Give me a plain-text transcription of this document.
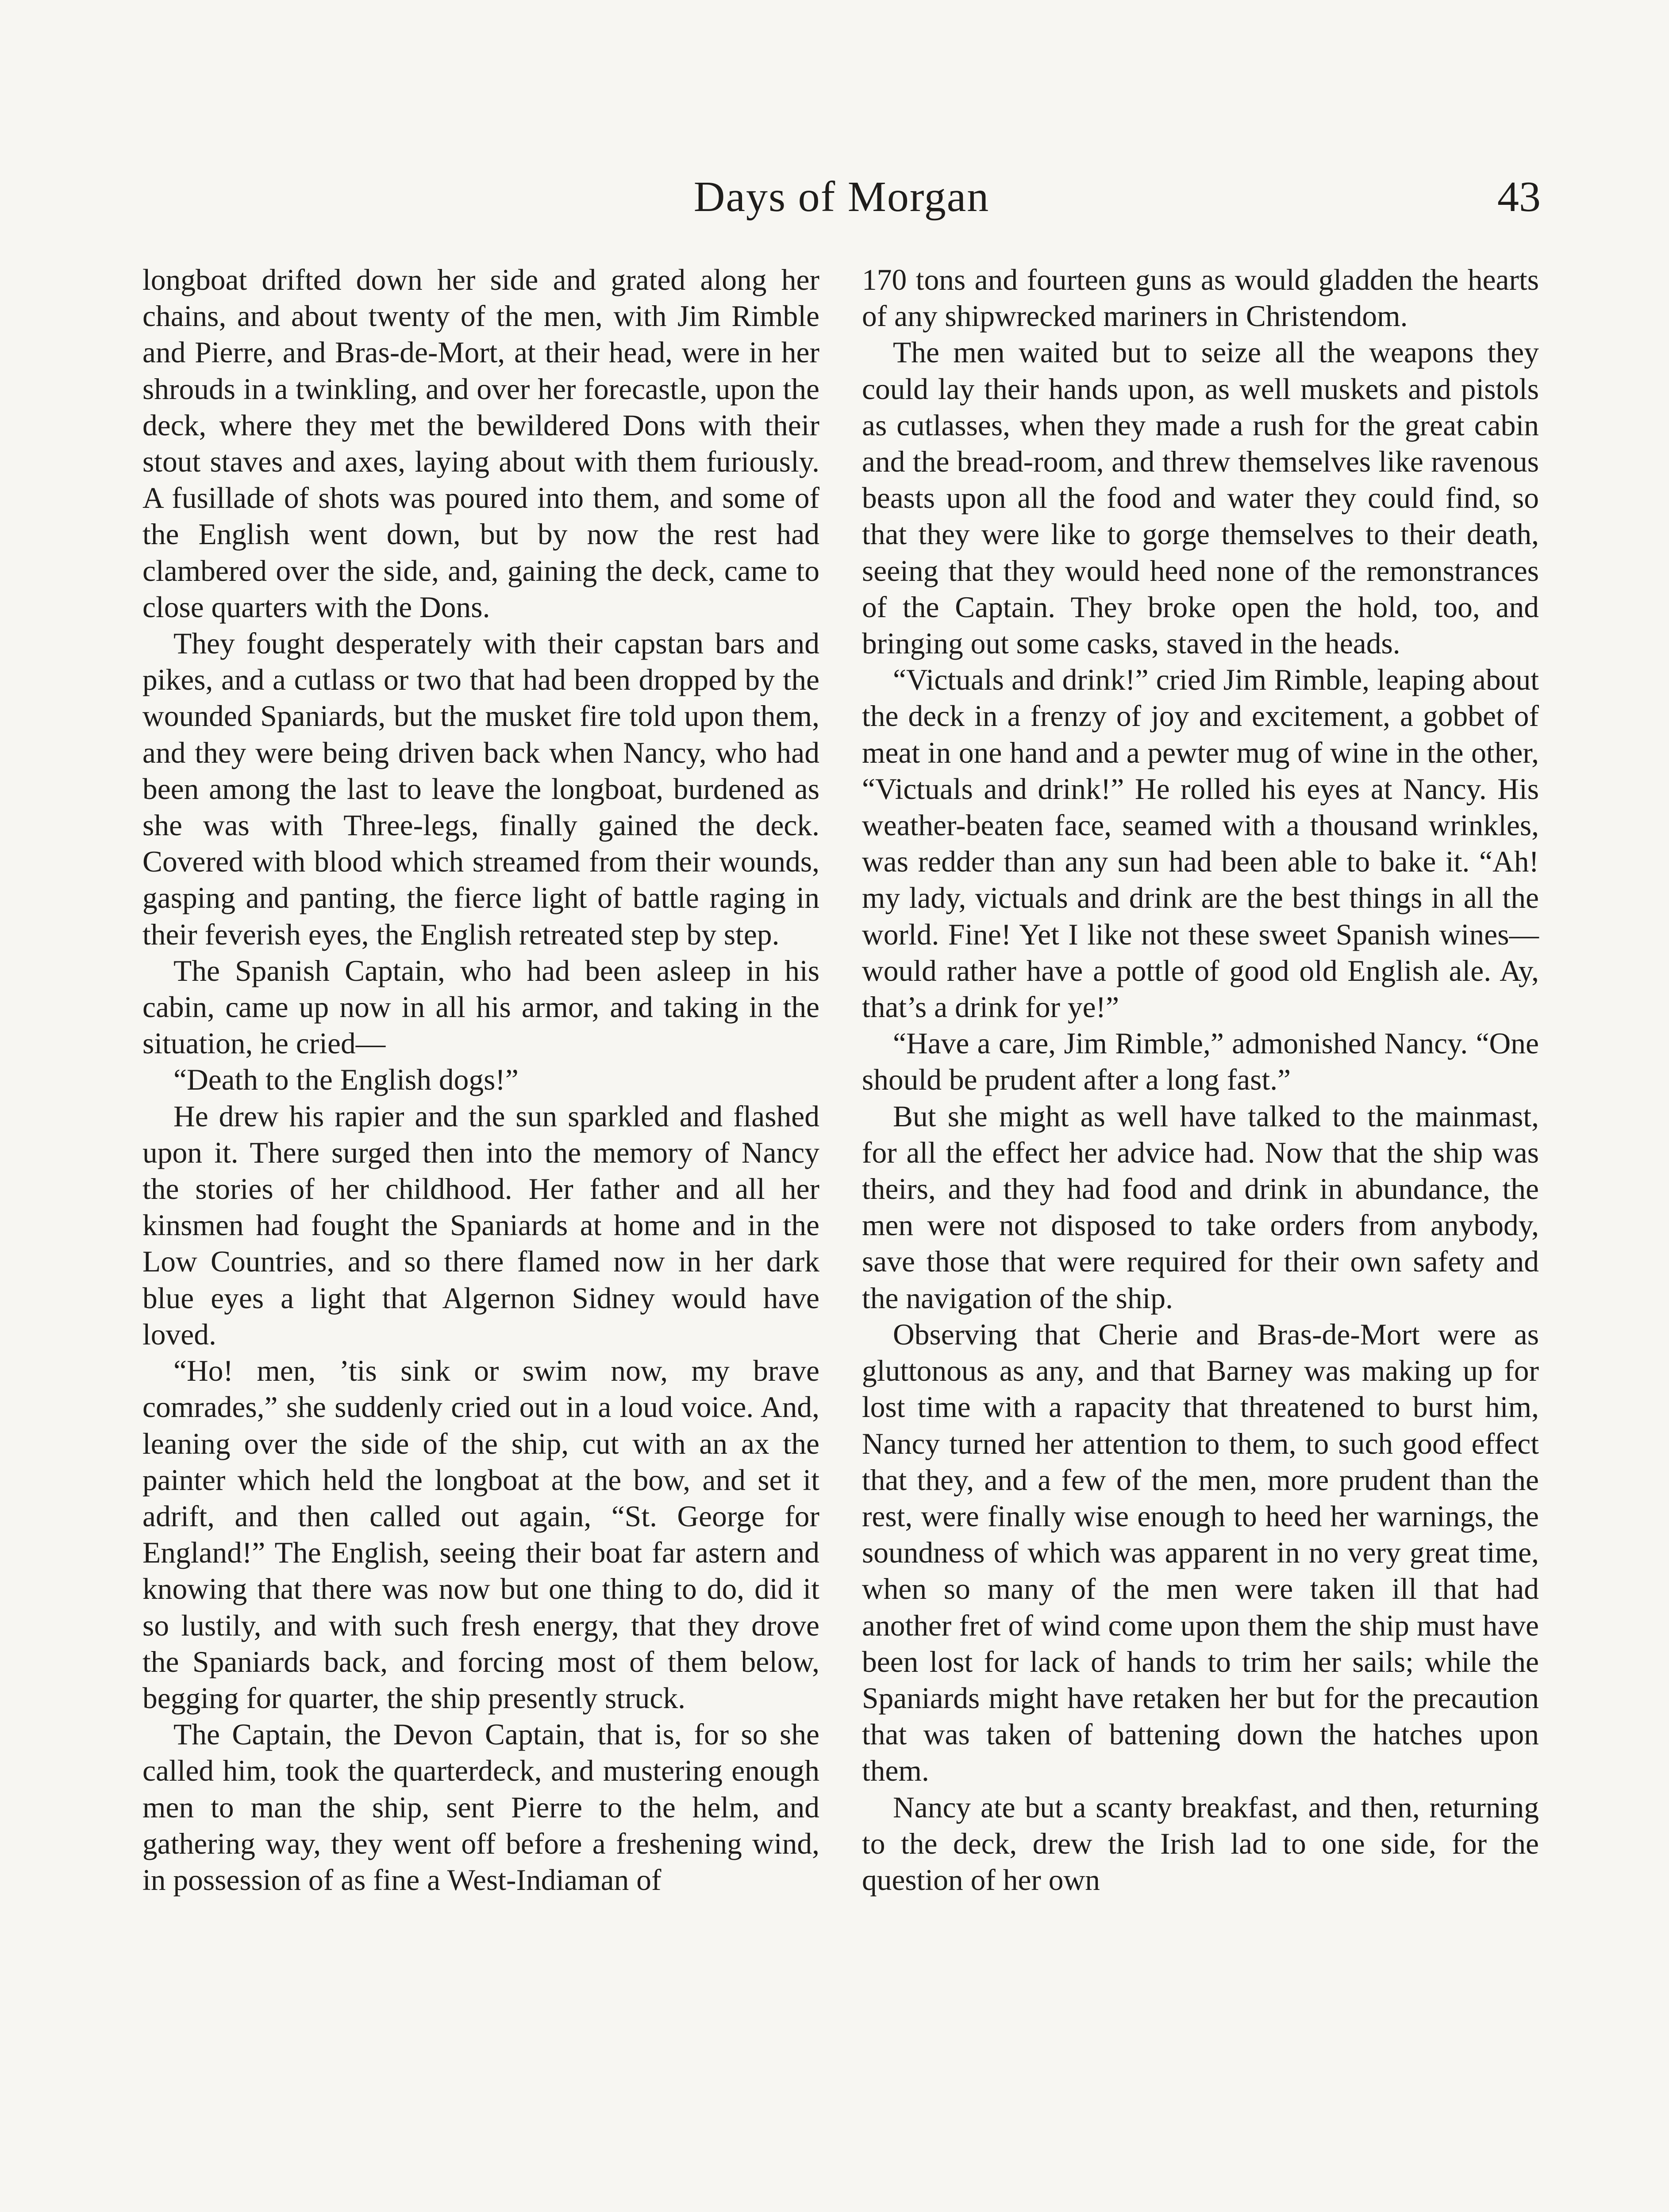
Days of Morgan	43

longboat drifted down her side and grated along her chains, and about twenty of the men, with Jim Rimble and Pierre, and Bras-de-Mort, at their head, were in her shrouds in a twinkling, and over her forecastle, upon the deck, where they met the bewildered Dons with their stout staves and axes, laying about with them furiously. A fusillade of shots was poured into them, and some of the English went down, but by now the rest had clambered over the side, and, gaining the deck, came to close quarters with the Dons.

They fought desperately with their capstan bars and pikes, and a cutlass or two that had been dropped by the wounded Spaniards, but the musket fire told upon them, and they were being driven back when Nancy, who had been among the last to leave the longboat, burdened as she was with Three-legs, finally gained the deck. Covered with blood which streamed from their wounds, gasping and panting, the fierce light of battle raging in their feverish eyes, the English retreated step by step.

The Spanish Captain, who had been asleep in his cabin, came up now in all his armor, and taking in the situation, he cried—

“Death to the English dogs!”

He drew his rapier and the sun sparkled and flashed upon it. There surged then into the memory of Nancy the stories of her childhood. Her father and all her kinsmen had fought the Spaniards at home and in the Low Countries, and so there flamed now in her dark blue eyes a light that Algernon Sidney would have loved.

“Ho! men, ’tis sink or swim now, my brave comrades,” she suddenly cried out in a loud voice. And, leaning over the side of the ship, cut with an ax the painter which held the longboat at the bow, and set it adrift, and then called out again, “St. George for England!” The English, seeing their boat far astern and knowing that there was now but one thing to do, did it so lustily, and with such fresh energy, that they drove the Spaniards back, and forcing most of them below, begging for quarter, the ship presently struck.

The Captain, the Devon Captain, that is, for so she called him, took the quarterdeck, and mustering enough men to man the ship, sent Pierre to the helm, and gathering way, they went off before a freshening wind, in possession of as fine a West-Indiaman of

170 tons and fourteen guns as would gladden the hearts of any shipwrecked mariners in Christendom.

The men waited but to seize all the weapons they could lay their hands upon, as well muskets and pistols as cutlasses, when they made a rush for the great cabin and the bread-room, and threw themselves like ravenous beasts upon all the food and water they could find, so that they were like to gorge themselves to their death, seeing that they would heed none of the remonstrances of the Captain. They broke open the hold, too, and bringing out some casks, staved in the heads.

“Victuals and drink!” cried Jim Rimble, leaping about the deck in a frenzy of joy and excitement, a gobbet of meat in one hand and a pewter mug of wine in the other, “Victuals and drink!” He rolled his eyes at Nancy. His weather-beaten face, seamed with a thousand wrinkles, was redder than any sun had been able to bake it. “Ah! my lady, victuals and drink are the best things in all the world. Fine! Yet I like not these sweet Spanish wines—would rather have a pottle of good old English ale. Ay, that’s a drink for ye!”

“Have a care, Jim Rimble,” admonished Nancy. “One should be prudent after a long fast.”

But she might as well have talked to the mainmast, for all the effect her advice had. Now that the ship was theirs, and they had food and drink in abundance, the men were not disposed to take orders from anybody, save those that were required for their own safety and the navigation of the ship.

Observing that Cherie and Bras-de-Mort were as gluttonous as any, and that Barney was making up for lost time with a rapacity that threatened to burst him, Nancy turned her attention to them, to such good effect that they, and a few of the men, more prudent than the rest, were finally wise enough to heed her warnings, the soundness of which was apparent in no very great time, when so many of the men were taken ill that had another fret of wind come upon them the ship must have been lost for lack of hands to trim her sails; while the Spaniards might have retaken her but for the precaution that was taken of battening down the hatches upon them.

Nancy ate but a scanty breakfast, and then, returning to the deck, drew the Irish lad to one side, for the question of her own
